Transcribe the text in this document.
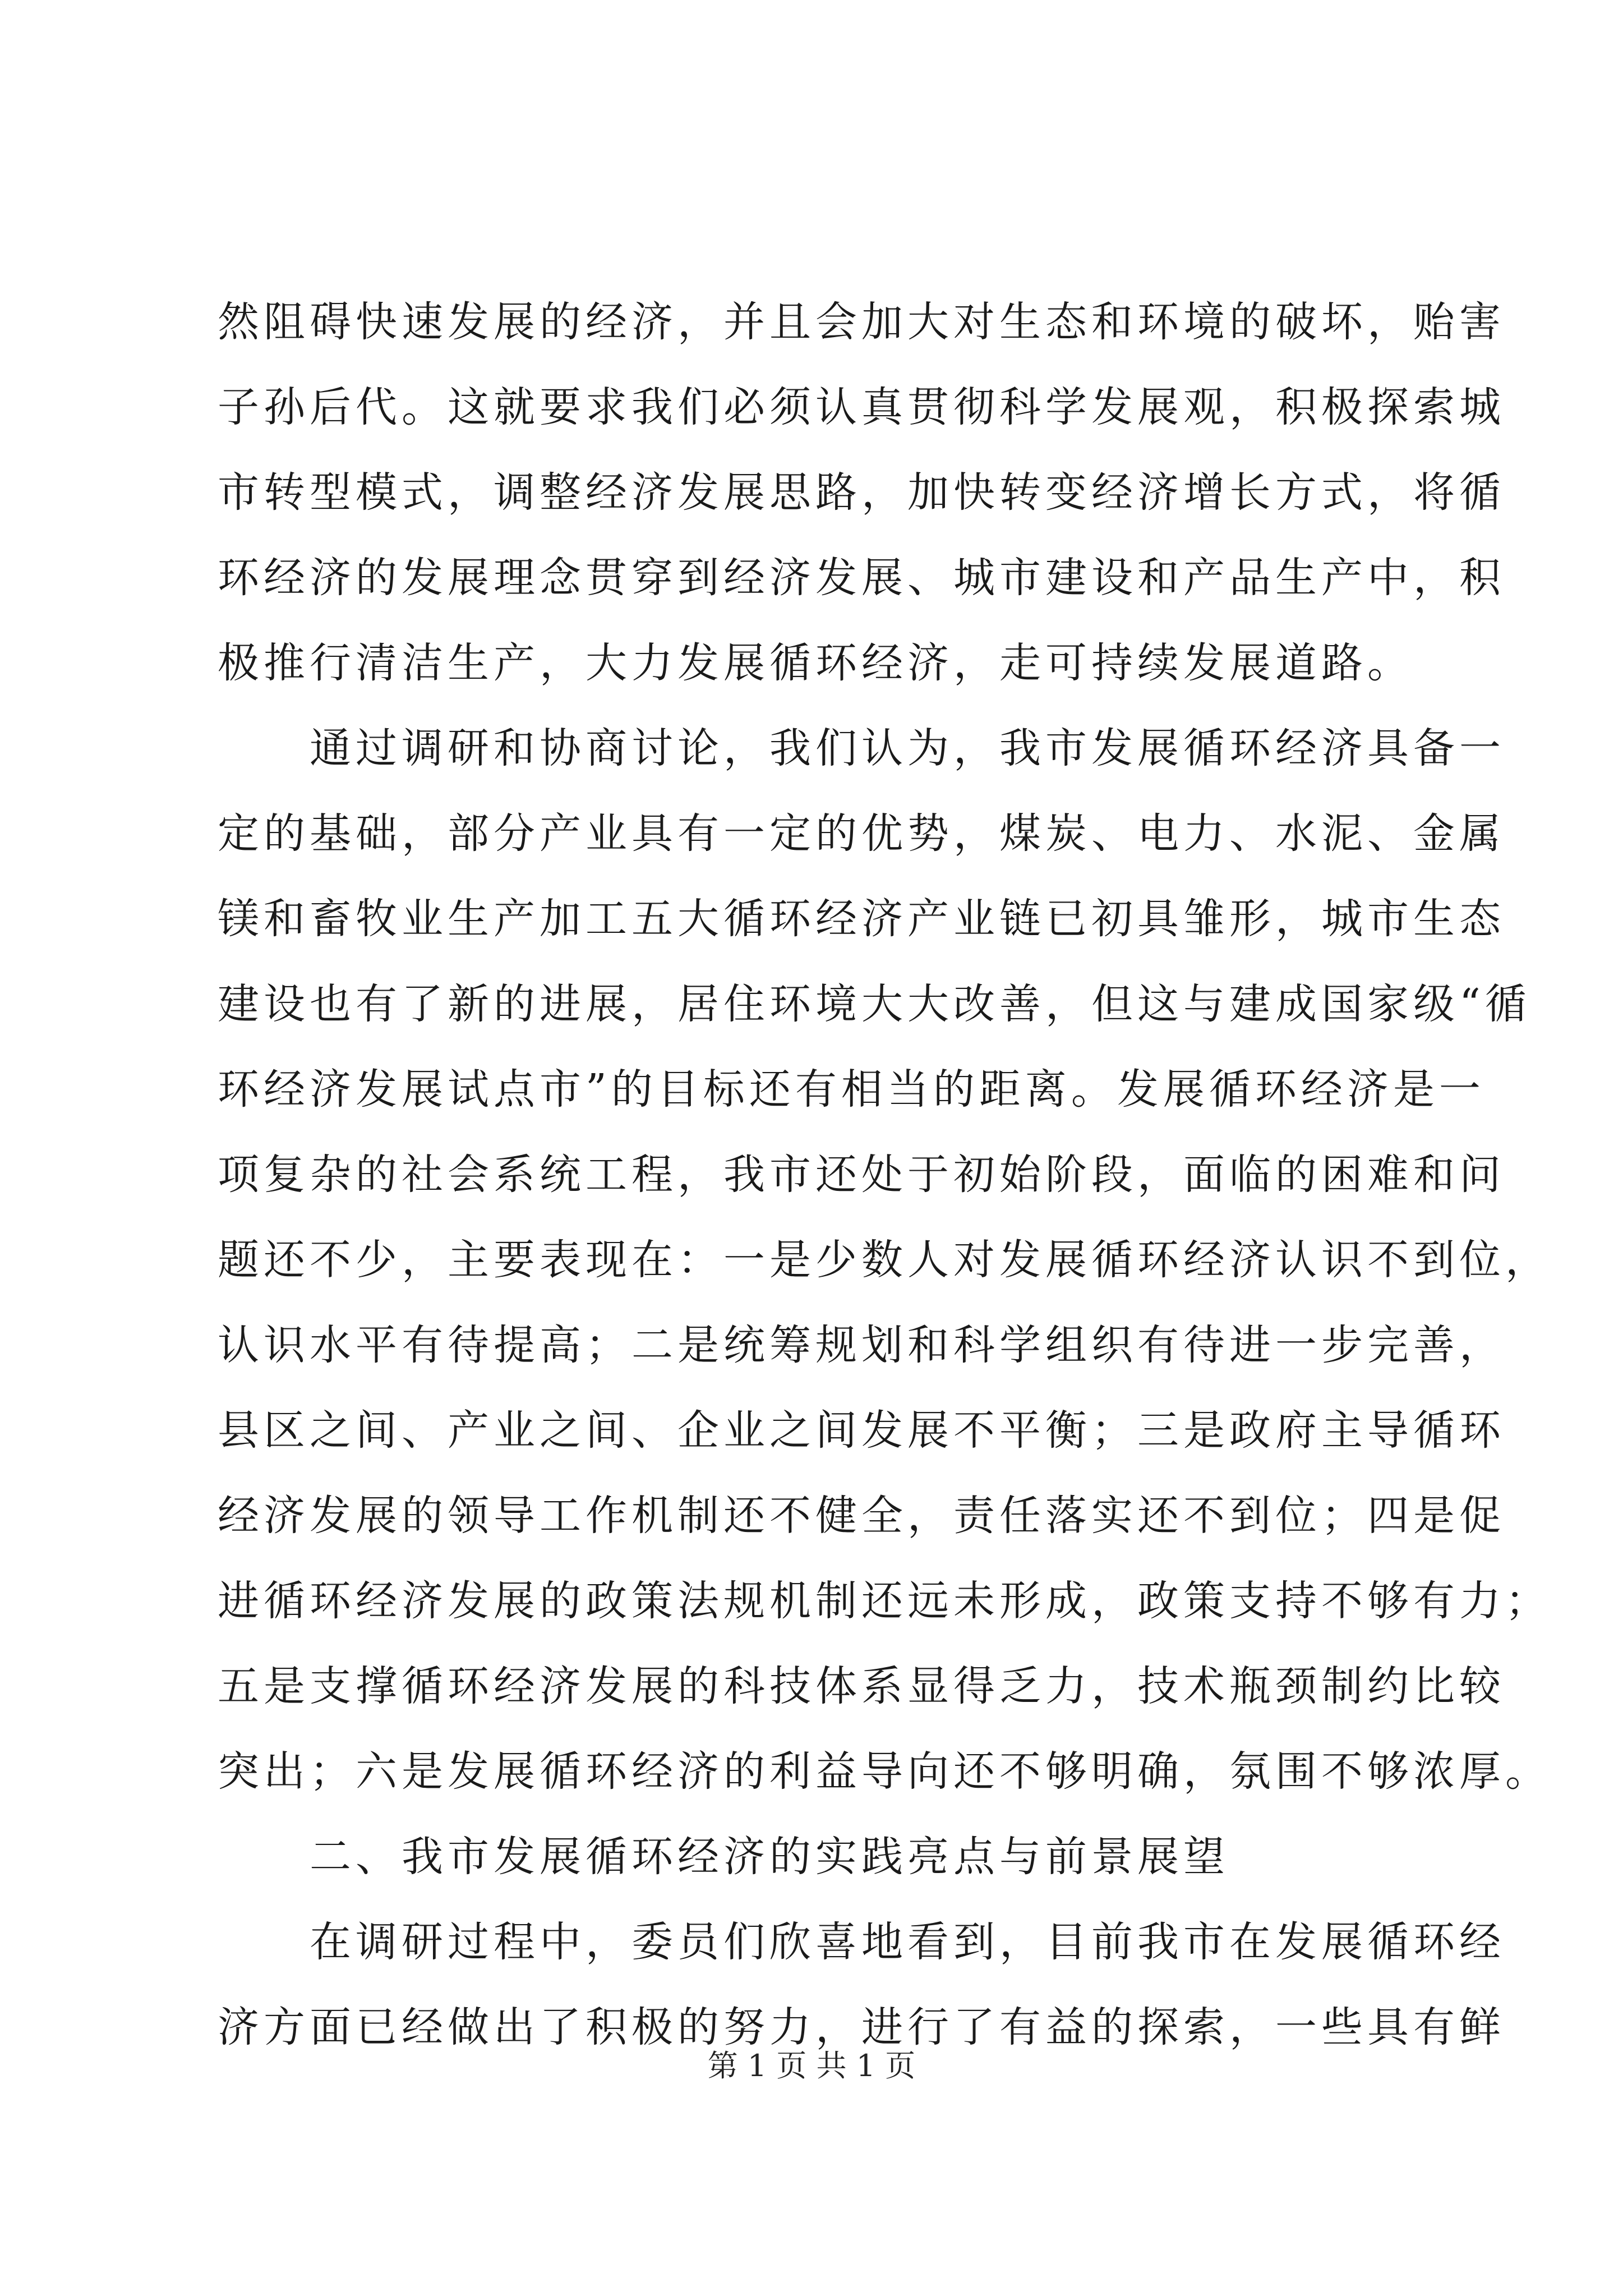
然阻碍快速发展的经济，并且会加大对生态和环境的破坏，贻害
子孙后代。这就要求我们必须认真贯彻科学发展观，积极探索城
市转型模式，调整经济发展思路，加快转变经济增长方式，将循
环经济的发展理念贯穿到经济发展、城市建设和产品生产中，积
极推行清洁生产，大力发展循环经济，走可持续发展道路。
　　通过调研和协商讨论，我们认为，我市发展循环经济具备一
定的基础，部分产业具有一定的优势，煤炭、电力、水泥、金属
镁和畜牧业生产加工五大循环经济产业链已初具雏形，城市生态
建设也有了新的进展，居住环境大大改善，但这与建成国家级“循
环经济发展试点市”的目标还有相当的距离。发展循环经济是一
项复杂的社会系统工程，我市还处于初始阶段，面临的困难和问
题还不少，主要表现在：一是少数人对发展循环经济认识不到位，
认识水平有待提高；二是统筹规划和科学组织有待进一步完善，
县区之间、产业之间、企业之间发展不平衡；三是政府主导循环
经济发展的领导工作机制还不健全，责任落实还不到位；四是促
进循环经济发展的政策法规机制还远未形成，政策支持不够有力；
五是支撑循环经济发展的科技体系显得乏力，技术瓶颈制约比较
突出；六是发展循环经济的利益导向还不够明确，氛围不够浓厚。
　　二、我市发展循环经济的实践亮点与前景展望
　　在调研过程中，委员们欣喜地看到，目前我市在发展循环经
济方面已经做出了积极的努力，进行了有益的探索，一些具有鲜
第 1 页 共 1 页
